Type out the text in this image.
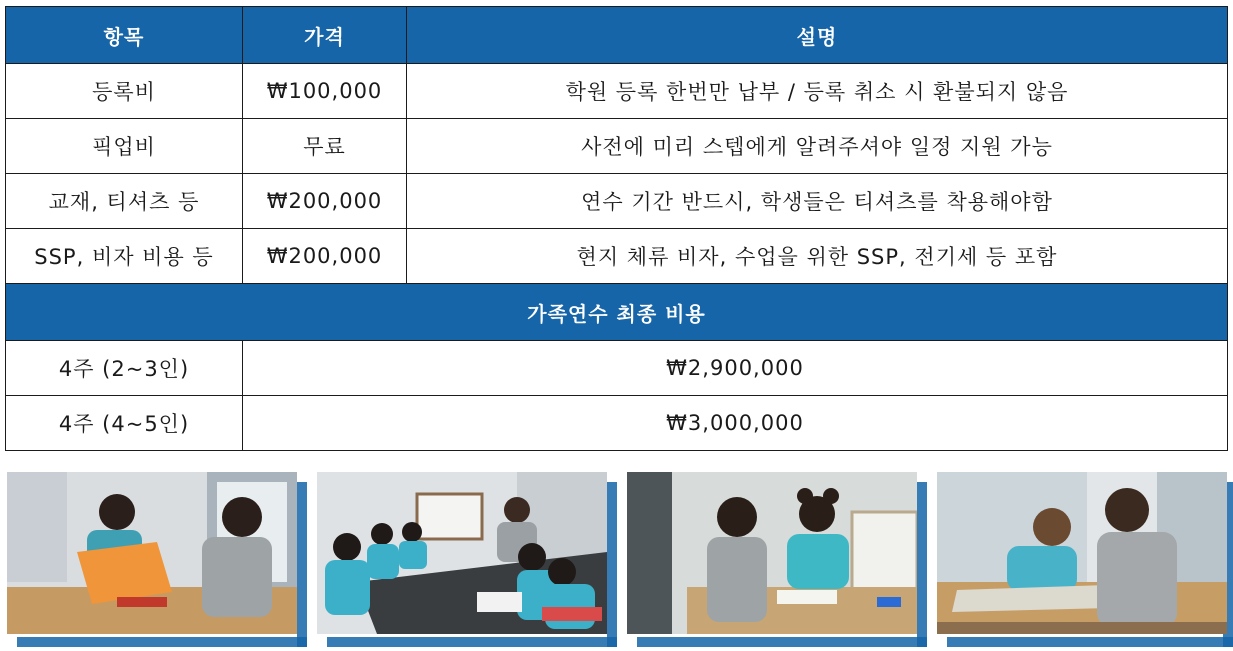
항목	가격	설명
등록비	₩100,000	학원 등록 한번만 납부 / 등록 취소 시 환불되지 않음
픽업비	무료	사전에 미리 스텝에게 알려주셔야 일정 지원 가능
교재, 티셔츠 등	₩200,000	연수 기간 반드시, 학생들은 티셔츠를 착용해야함
SSP, 비자 비용 등	₩200,000	현지 체류 비자, 수업을 위한 SSP, 전기세 등 포함
가족연수 최종 비용		
4주 (2~3인)	₩2,900,000	
4주 (4~5인)	₩3,000,000	
